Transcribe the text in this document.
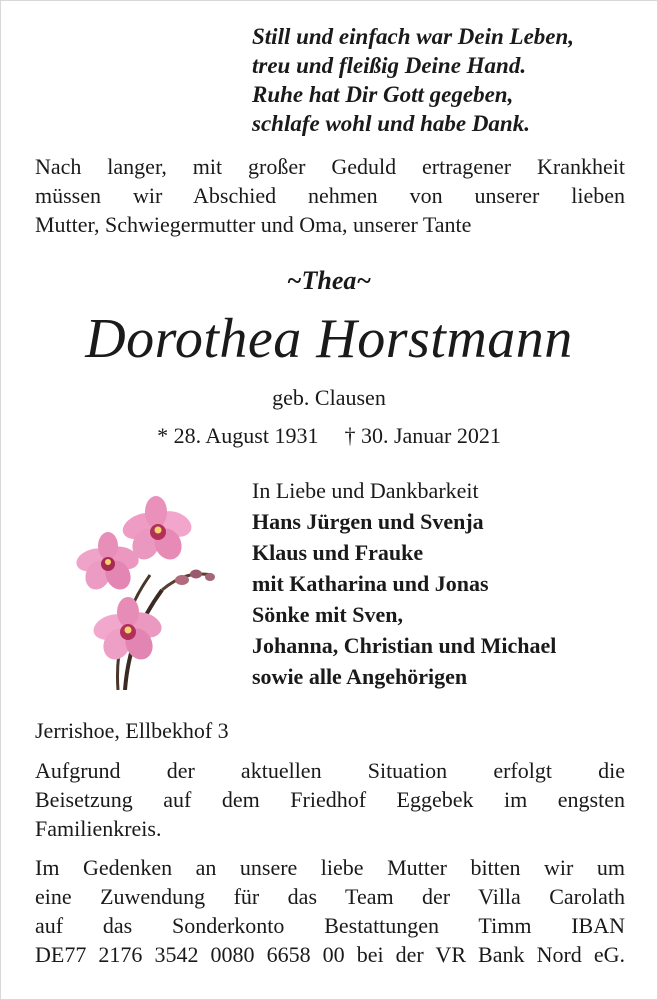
Still und einfach war Dein Leben,
treu und fleißig Deine Hand.
Ruhe hat Dir Gott gegeben,
schlafe wohl und habe Dank.
Nach langer, mit großer Geduld ertragener Krankheit
müssen wir Abschied nehmen von unserer lieben
Mutter, Schwiegermutter und Oma, unserer Tante
~Thea~
Dorothea Horstmann
geb. Clausen
* 28. August 1931 † 30. Januar 2021
In Liebe und Dankbarkeit
Hans Jürgen und Svenja
Klaus und Frauke
mit Katharina und Jonas
Sönke mit Sven,
Johanna, Christian und Michael
sowie alle Angehörigen
Jerrishoe, Ellbekhof 3
Aufgrund der aktuellen Situation erfolgt die
Beisetzung auf dem Friedhof Eggebek im engsten
Familienkreis.
Im Gedenken an unsere liebe Mutter bitten wir um
eine Zuwendung für das Team der Villa Carolath
auf das Sonderkonto Bestattungen Timm IBAN
DE77 2176 3542 0080 6658 00 bei der VR Bank Nord eG.
